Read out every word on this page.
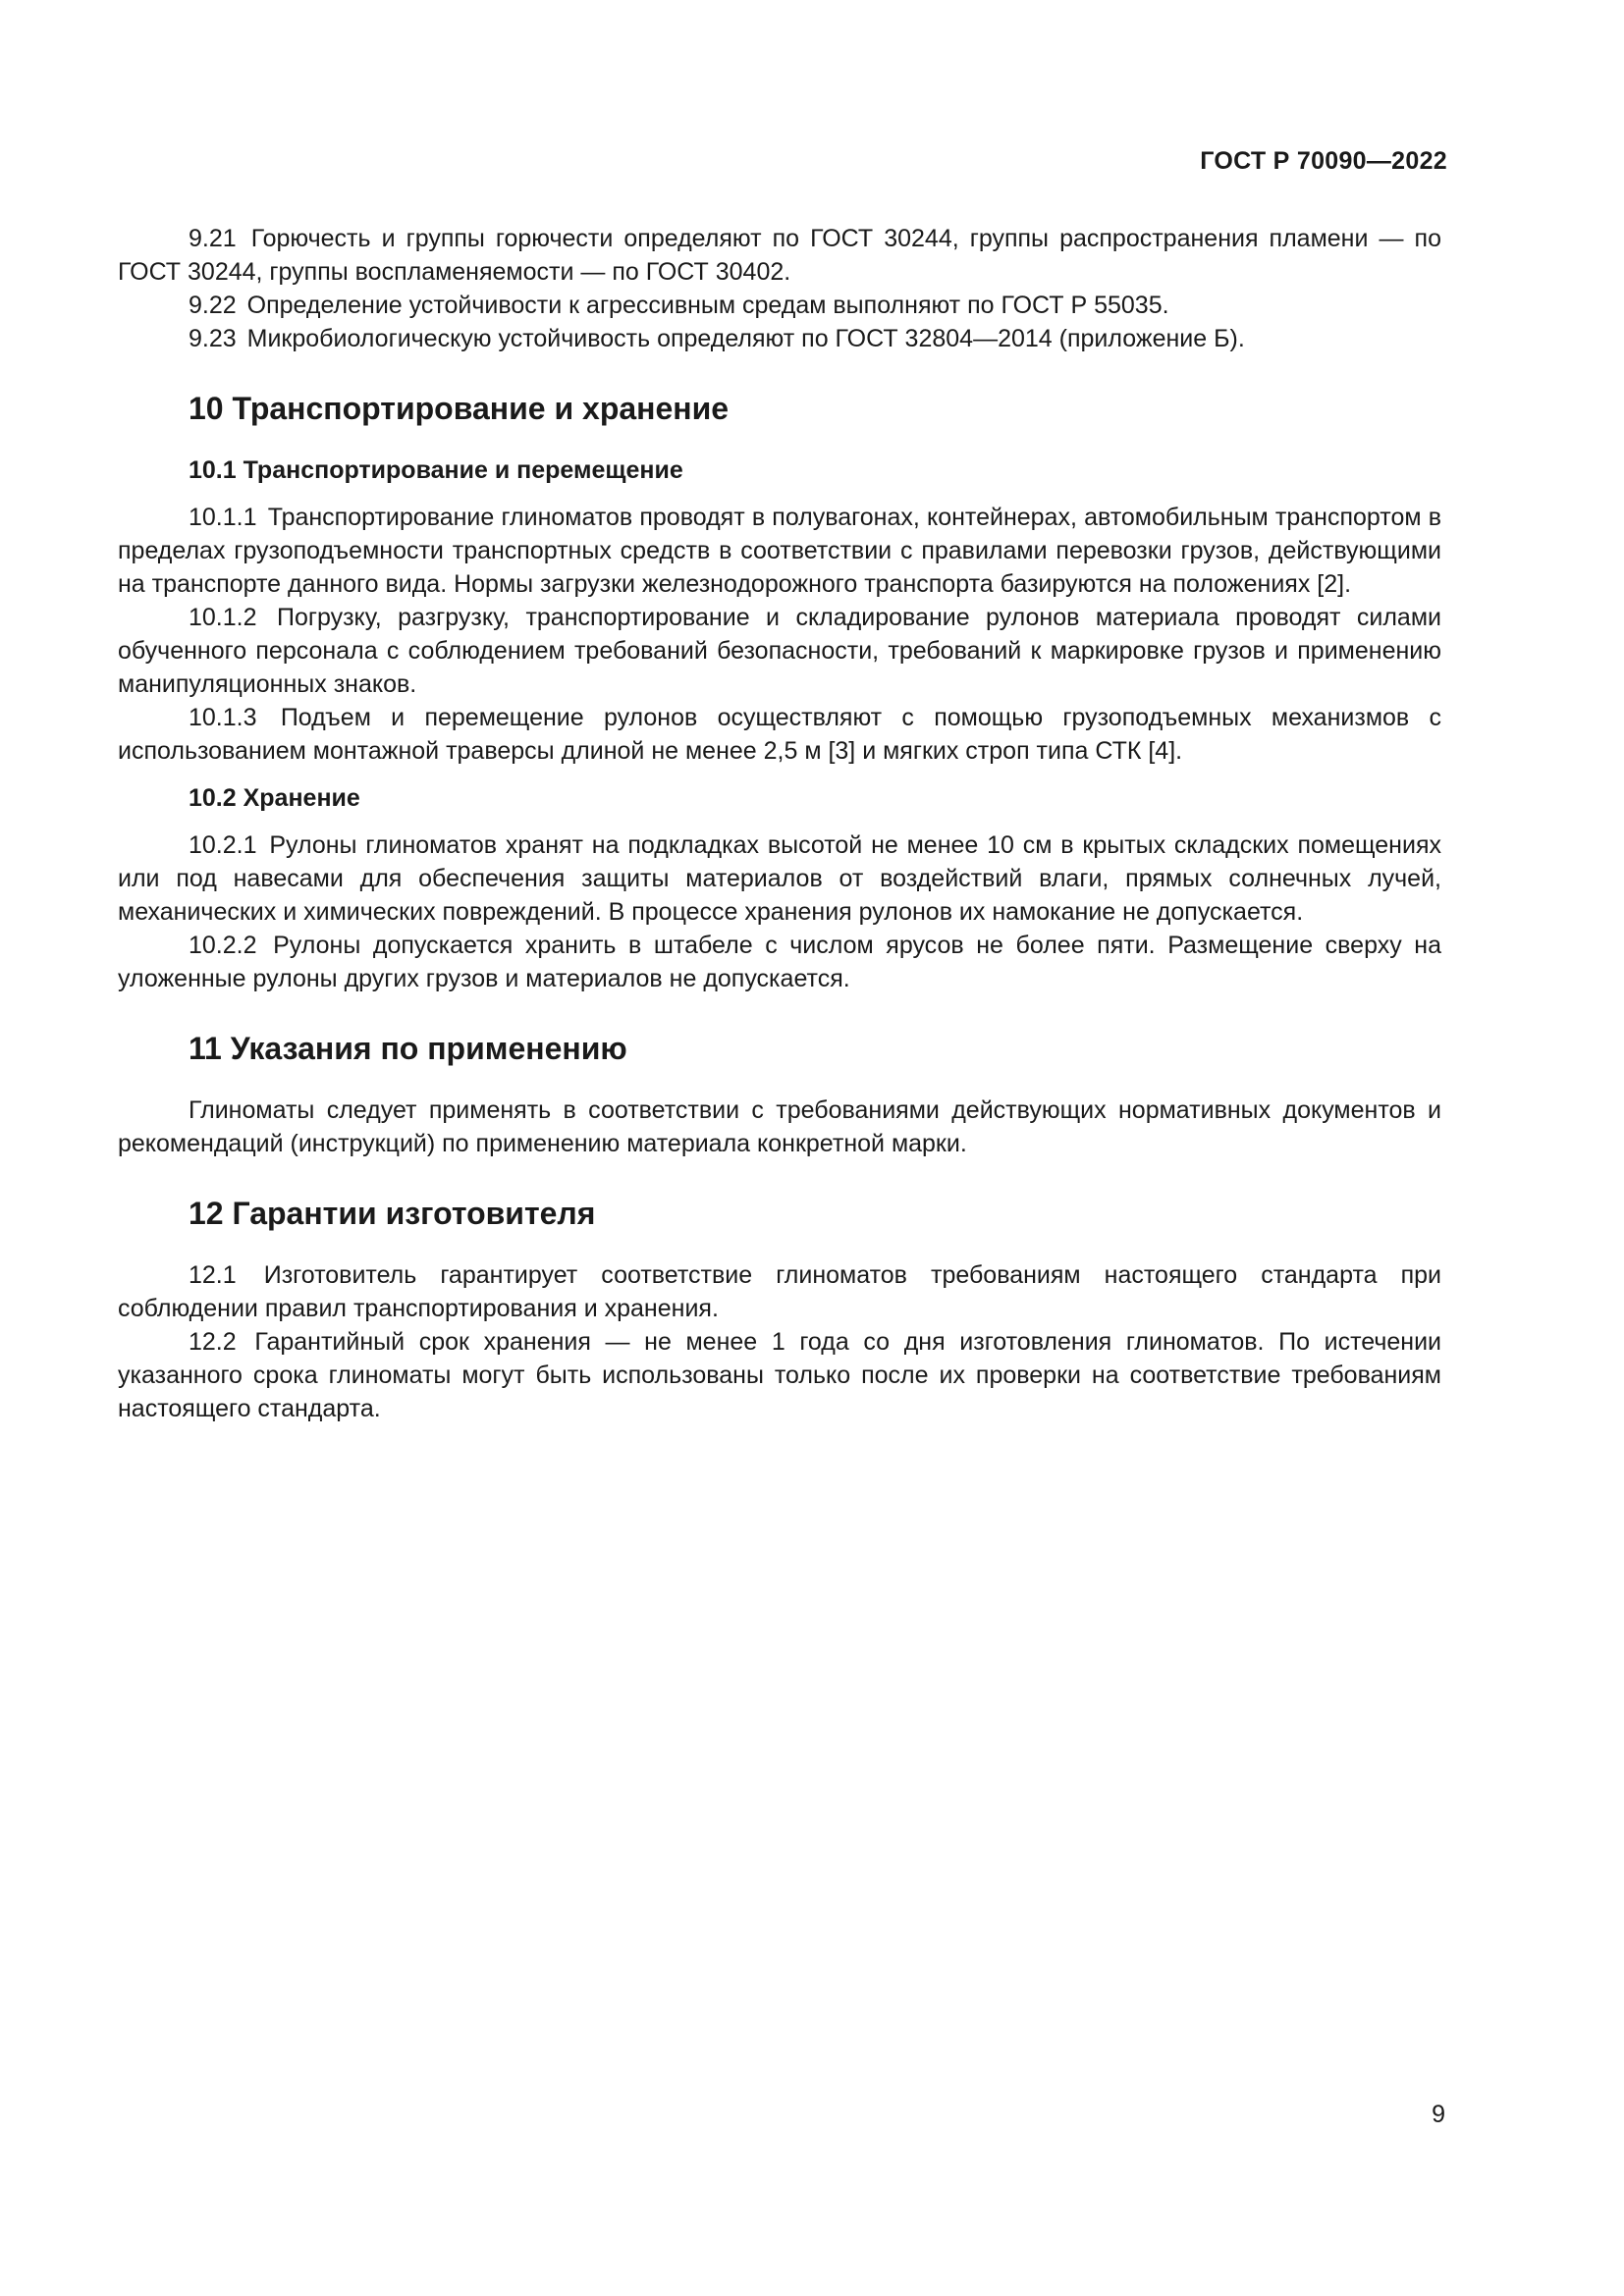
ГОСТ Р 70090—2022

9.21 Горючесть и группы горючести определяют по ГОСТ 30244, группы распространения пламени — по ГОСТ 30244, группы воспламеняемости — по ГОСТ 30402.

9.22 Определение устойчивости к агрессивным средам выполняют по ГОСТ Р 55035.

9.23 Микробиологическую устойчивость определяют по ГОСТ 32804—2014 (приложение Б).

10 Транспортирование и хранение
10.1 Транспортирование и перемещение

10.1.1 Транспортирование глиноматов проводят в полувагонах, контейнерах, автомобильным транспортом в пределах грузоподъемности транспортных средств в соответствии с правилами перевозки грузов, действующими на транспорте данного вида. Нормы загрузки железнодорожного транспорта базируются на положениях [2].

10.1.2 Погрузку, разгрузку, транспортирование и складирование рулонов материала проводят силами обученного персонала с соблюдением требований безопасности, требований к маркировке грузов и применению манипуляционных знаков.

10.1.3 Подъем и перемещение рулонов осуществляют с помощью грузоподъемных механизмов с использованием монтажной траверсы длиной не менее 2,5 м [3] и мягких строп типа СТК [4].

10.2 Хранение

10.2.1 Рулоны глиноматов хранят на подкладках высотой не менее 10 см в крытых складских помещениях или под навесами для обеспечения защиты материалов от воздействий влаги, прямых солнечных лучей, механических и химических повреждений. В процессе хранения рулонов их намокание не допускается.

10.2.2 Рулоны допускается хранить в штабеле с числом ярусов не более пяти. Размещение сверху на уложенные рулоны других грузов и материалов не допускается.

11 Указания по применению

Глиноматы следует применять в соответствии с требованиями действующих нормативных документов и рекомендаций (инструкций) по применению материала конкретной марки.

12 Гарантии изготовителя

12.1 Изготовитель гарантирует соответствие глиноматов требованиям настоящего стандарта при соблюдении правил транспортирования и хранения.

12.2 Гарантийный срок хранения — не менее 1 года со дня изготовления глиноматов. По истечении указанного срока глиноматы могут быть использованы только после их проверки на соответствие требованиям настоящего стандарта.

9
